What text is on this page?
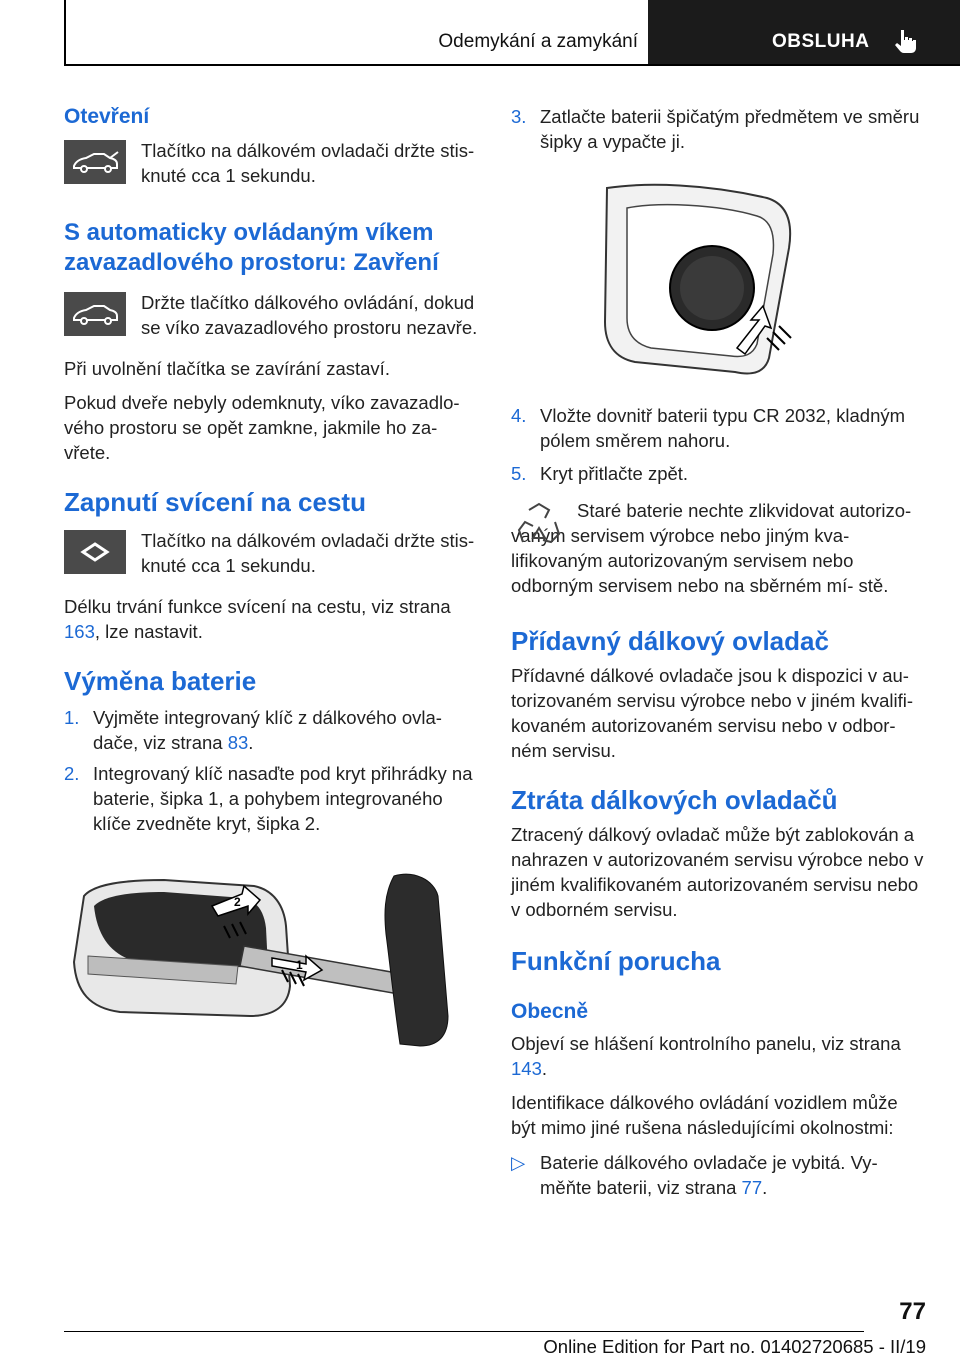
Odemykání a zamykání	OBSLUHA
Otevření

Tlačítko na dálkovém ovladači držte stis‐ knuté cca 1 sekundu.

S automaticky ovládaným víkem zavazadlového prostoru: Zavření

Držte tlačítko dálkového ovládání, dokud se víko zavazadlového prostoru nezavře.

Při uvolnění tlačítka se zavírání zastaví.

Pokud dveře nebyly odemknuty, víko zavazadlo‐ vého prostoru se opět zamkne, jakmile ho za‐ vřete.

Zapnutí svícení na cestu

Tlačítko na dálkovém ovladači držte stis‐ knuté cca 1 sekundu.

Délku trvání funkce svícení na cestu, viz strana 163, lze nastavit.

Výměna baterie
1. Vyjměte integrovaný klíč z dálkového ovla‐ dače, viz strana 83.
2. Integrovaný klíč nasaďte pod kryt přihrádky na baterie, šipka 1, a pohybem integrovaného klíče zvedněte kryt, šipka 2.
2
1
3. Zatlačte baterii špičatým předmětem ve směru šipky a vypačte ji.
4. Vložte dovnitř baterii typu CR 2032, kladným pólem směrem nahoru.
5. Kryt přitlačte zpět.

Staré baterie nechte zlikvidovat autorizo‐ vaným servisem výrobce nebo jiným kva‐ lifikovaným autorizovaným servisem nebo odborným servisem nebo na sběrném mí‐ stě.

Přídavný dálkový ovladač

Přídavné dálkové ovladače jsou k dispozici v au‐ torizovaném servisu výrobce nebo v jiném kvalifi‐ kovaném autorizovaném servisu nebo v odbor‐ ném servisu.

Ztráta dálkových ovladačů

Ztracený dálkový ovladač může být zablokován a nahrazen v autorizovaném servisu výrobce nebo v jiném kvalifikovaném autorizovaném servisu nebo v odborném servisu.

Funkční porucha
Obecně

Objeví se hlášení kontrolního panelu, viz strana 143.

Identifikace dálkového ovládání vozidlem může být mimo jiné rušena následujícími okolnostmi:

▷ Baterie dálkového ovladače je vybitá. Vy‐ měňte baterii, viz strana 77.
77
Online Edition for Part no. 01402720685 - II/19
